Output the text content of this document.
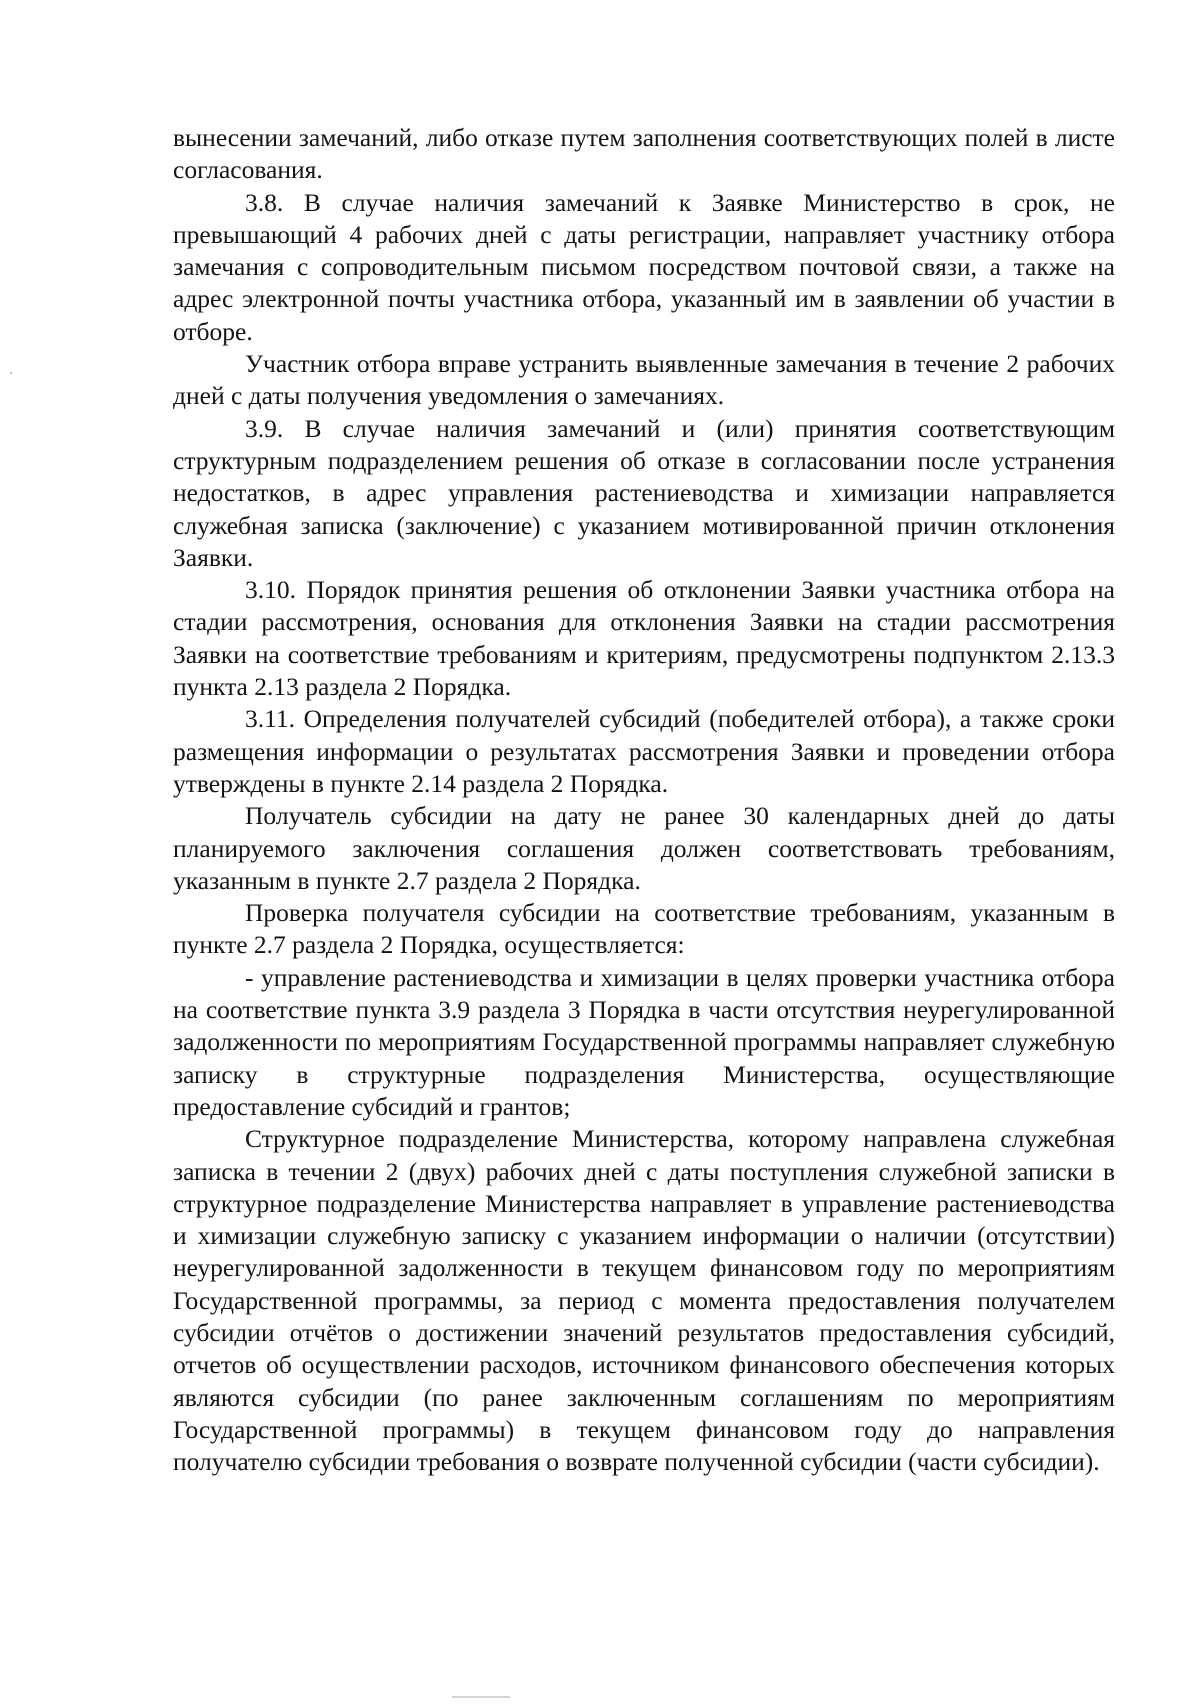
вынесении замечаний, либо отказе путем заполнения соответствующих полей в листе согласования.

3.8. В случае наличия замечаний к Заявке Министерство в срок, не превышающий 4 рабочих дней с даты регистрации, направляет участнику отбора замечания с сопроводительным письмом посредством почтовой связи, а также на адрес электронной почты участника отбора, указанный им в заявлении об участии в отборе.

Участник отбора вправе устранить выявленные замечания в течение 2 рабочих дней с даты получения уведомления о замечаниях.

3.9. В случае наличия замечаний и (или) принятия соответствующим структурным подразделением решения об отказе в согласовании после устранения недостатков, в адрес управления растениеводства и химизации направляется служебная записка (заключение) с указанием мотивированной причин отклонения Заявки.

3.10. Порядок принятия решения об отклонении Заявки участника отбора на стадии рассмотрения, основания для отклонения Заявки на стадии рассмотрения Заявки на соответствие требованиям и критериям, предусмотрены подпунктом 2.13.3 пункта 2.13 раздела 2 Порядка.

3.11. Определения получателей субсидий (победителей отбора), а также сроки размещения информации о результатах рассмотрения Заявки и проведении отбора утверждены в пункте 2.14 раздела 2 Порядка.

Получатель субсидии на дату не ранее 30 календарных дней до даты планируемого заключения соглашения должен соответствовать требованиям, указанным в пункте 2.7 раздела 2 Порядка.

Проверка получателя субсидии на соответствие требованиям, указанным в пункте 2.7 раздела 2 Порядка, осуществляется:

- управление растениеводства и химизации в целях проверки участника отбора на соответствие пункта 3.9 раздела 3 Порядка в части отсутствия неурегулированной задолженности по мероприятиям Государственной программы направляет служебную записку в структурные подразделения Министерства, осуществляющие предоставление субсидий и грантов;

Структурное подразделение Министерства, которому направлена служебная записка в течении 2 (двух) рабочих дней с даты поступления служебной записки в структурное подразделение Министерства направляет в управление растениеводства и химизации служебную записку с указанием информации о наличии (отсутствии) неурегулированной задолженности в текущем финансовом году по мероприятиям Государственной программы, за период с момента предоставления получателем субсидии отчётов о достижении значений результатов предоставления субсидий, отчетов об осуществлении расходов, источником финансового обеспечения которых являются субсидии (по ранее заключенным соглашениям по мероприятиям Государственной программы) в текущем финансовом году до направления получателю субсидии требования о возврате полученной субсидии (части субсидии).
